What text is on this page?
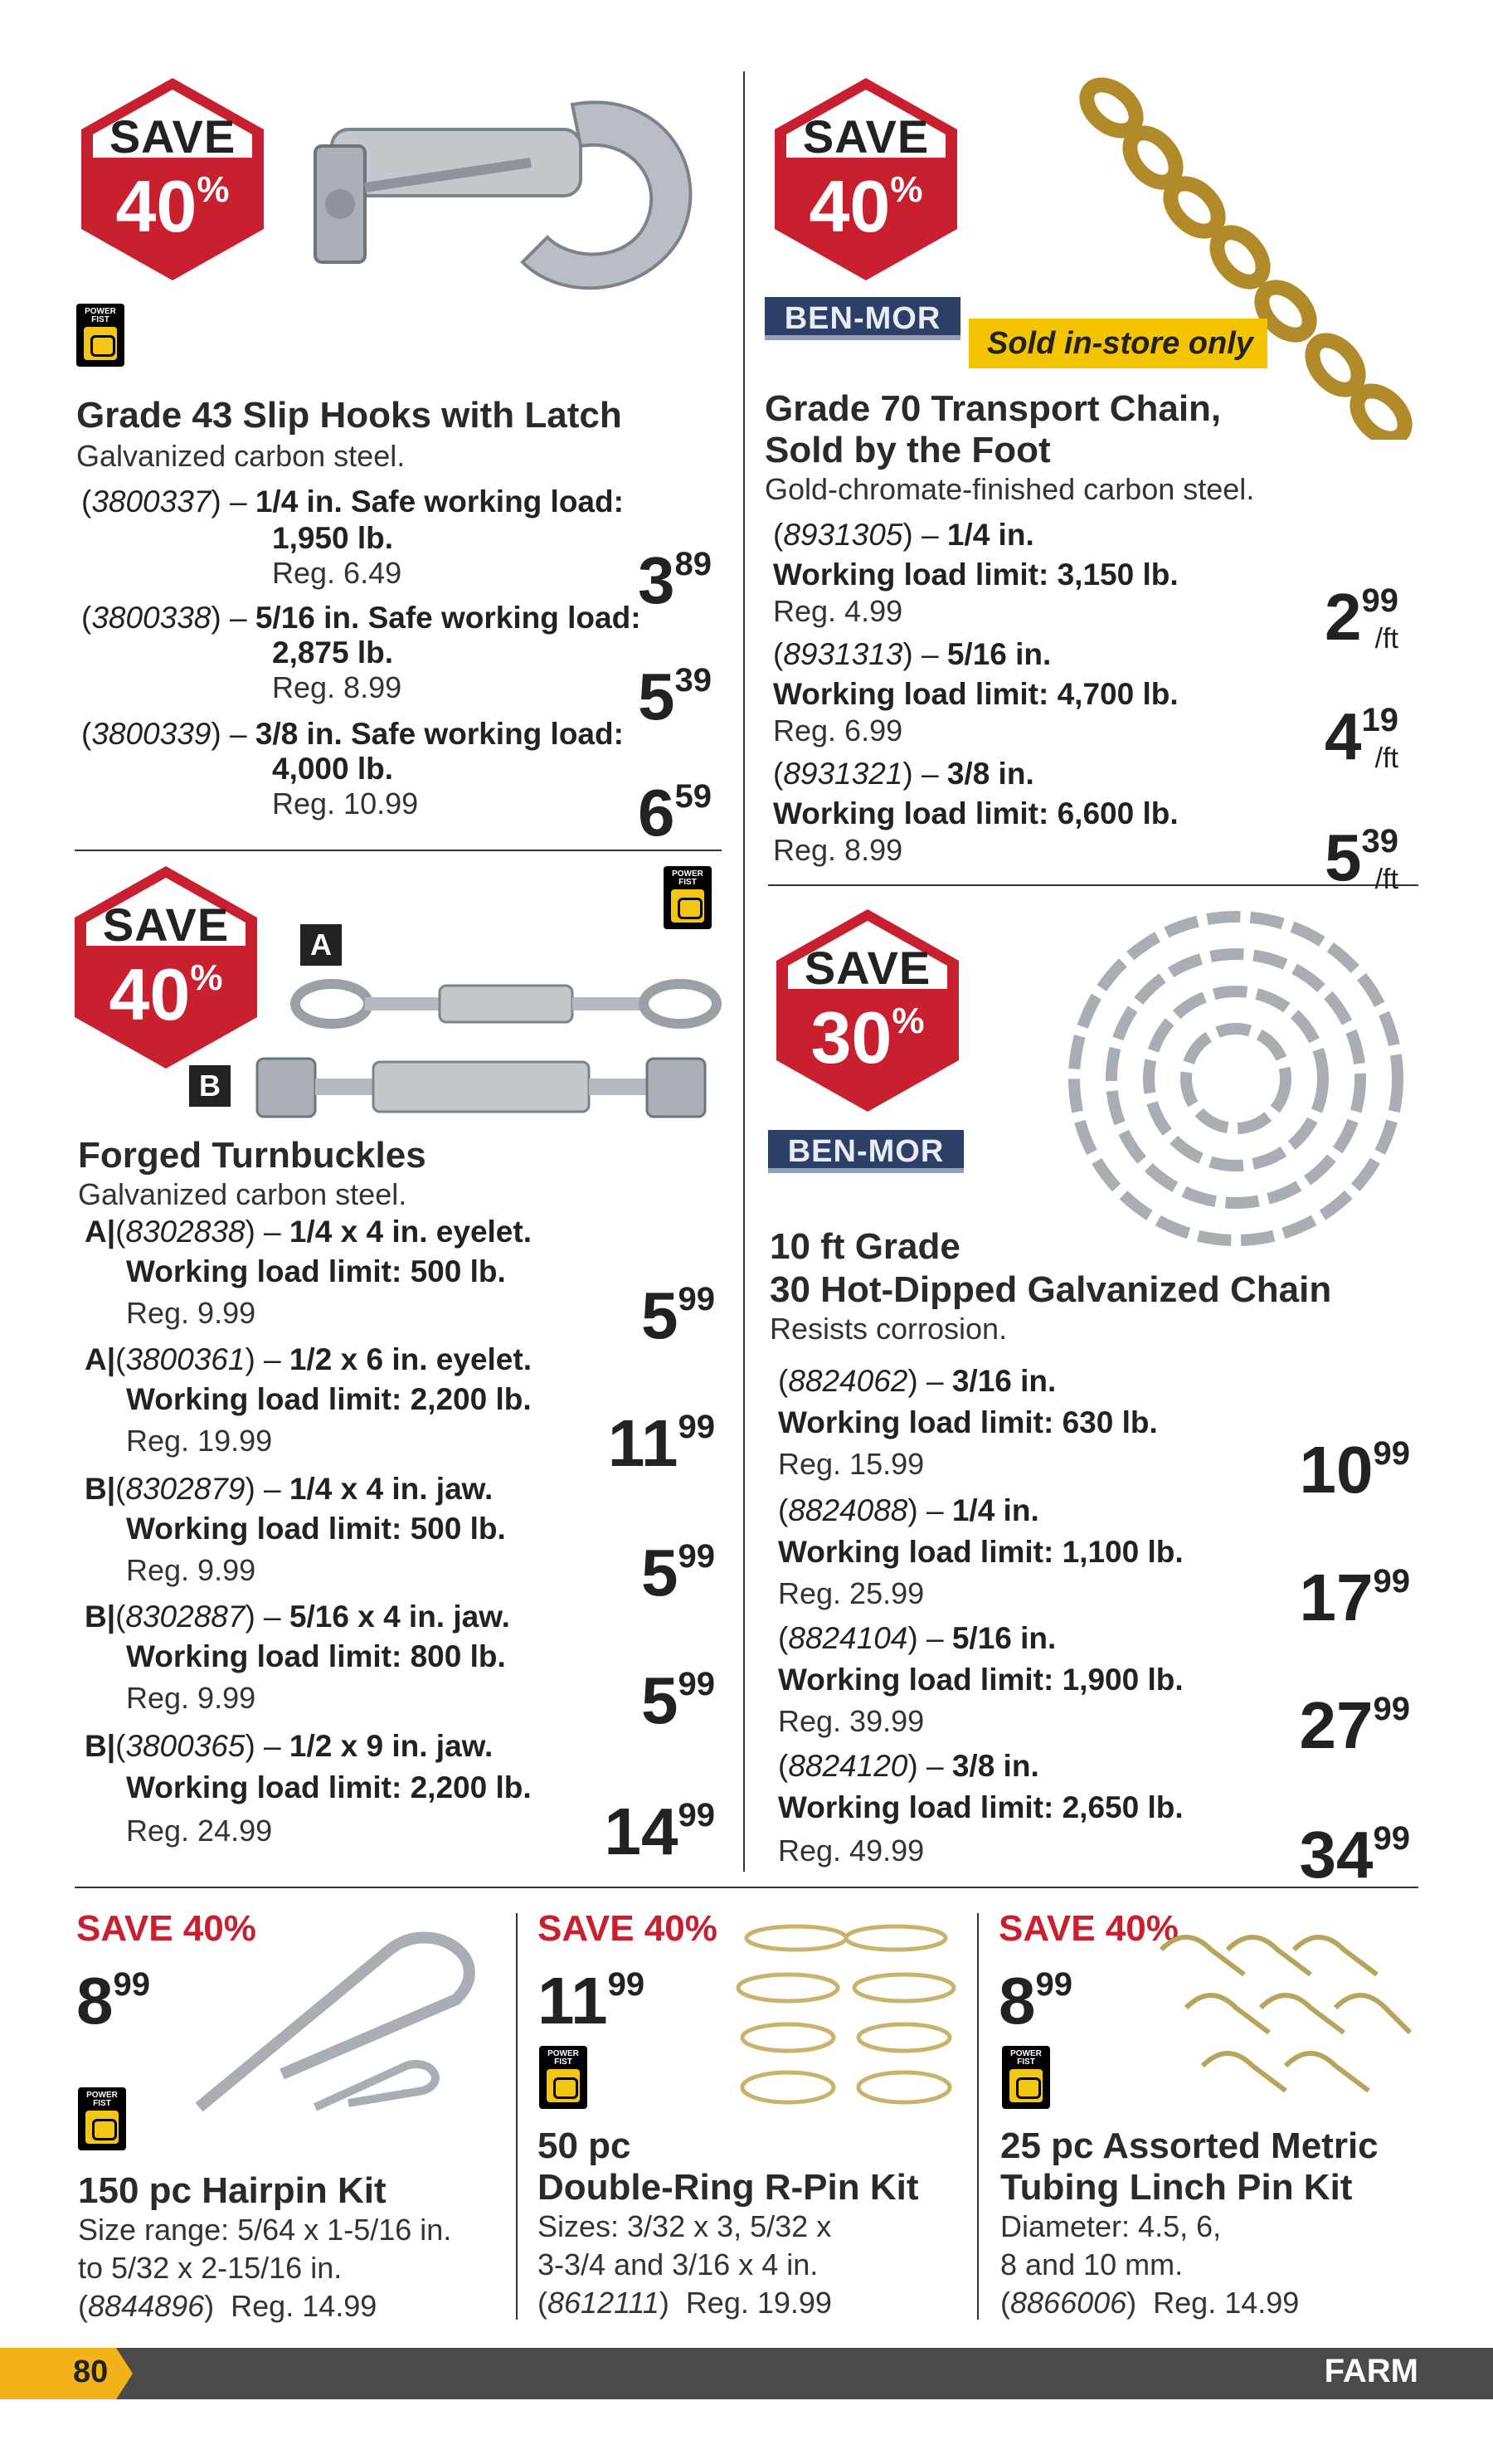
SAVE
40%
POWER
FIST
Grade 43 Slip Hooks with Latch
Galvanized carbon steel.
(3800337) – 1/4 in. Safe working load:
1,950 lb.
Reg. 6.49	$3^{89}$
(3800338) – 5/16 in. Safe working load:
2,875 lb.
Reg. 8.99	$5^{39}$
(3800339) – 3/8 in. Safe working load:
4,000 lb.
Reg. 10.99	$6^{59}$
SAVE
40%
BEN-MOR
Sold in-store only
Grade 70 Transport Chain,
Sold by the Foot
Gold-chromate-finished carbon steel.
(8931305) – 1/4 in.
Working load limit: 3,150 lb.
Reg. 4.99	$2^{99}$
/ft
(8931313) – 5/16 in.
Working load limit: 4,700 lb.
Reg. 6.99	$4^{19}$
/ft
(8931321) – 3/8 in.
Working load limit: 6,600 lb.
Reg. 8.99	$5^{39}$
/ft
SAVE
40%
POWER
FIST
A
B
Forged Turnbuckles
Galvanized carbon steel.
A|(8302838) – 1/4 x 4 in. eyelet.
Working load limit: 500 lb.
Reg. 9.99	$5^{99}$
A|(3800361) – 1/2 x 6 in. eyelet.
Working load limit: 2,200 lb.
Reg. 19.99	$11^{99}$
B|(8302879) – 1/4 x 4 in. jaw.
Working load limit: 500 lb.
Reg. 9.99	$5^{99}$
B|(8302887) – 5/16 x 4 in. jaw.
Working load limit: 800 lb.
Reg. 9.99	$5^{99}$
B|(3800365) – 1/2 x 9 in. jaw.
Working load limit: 2,200 lb.
Reg. 24.99	$14^{99}$
SAVE
30%
BEN-MOR
10 ft Grade
30 Hot-Dipped Galvanized Chain
Resists corrosion.
(8824062) – 3/16 in.
Working load limit: 630 lb.
Reg. 15.99	$10^{99}$
(8824088) – 1/4 in.
Working load limit: 1,100 lb.
Reg. 25.99	$17^{99}$
(8824104) – 5/16 in.
Working load limit: 1,900 lb.
Reg. 39.99	$27^{99}$
(8824120) – 3/8 in.
Working load limit: 2,650 lb.
Reg. 49.99	$34^{99}$
SAVE 40%
$8^{99}$
POWER
FIST
150 pc Hairpin Kit
Size range: 5/64 x 1-5/16 in.
to 5/32 x 2-15/16 in.
(8844896)  Reg. 14.99
SAVE 40%
$11^{99}$
POWER
FIST
50 pc
Double-Ring R-Pin Kit
Sizes: 3/32 x 3, 5/32 x
3-3/4 and 3/16 x 4 in.
(8612111)  Reg. 19.99
SAVE 40%
$8^{99}$
POWER
FIST
25 pc Assorted Metric
Tubing Linch Pin Kit
Diameter: 4.5, 6,
8 and 10 mm.
(8866006)  Reg. 14.99
80	FARM
